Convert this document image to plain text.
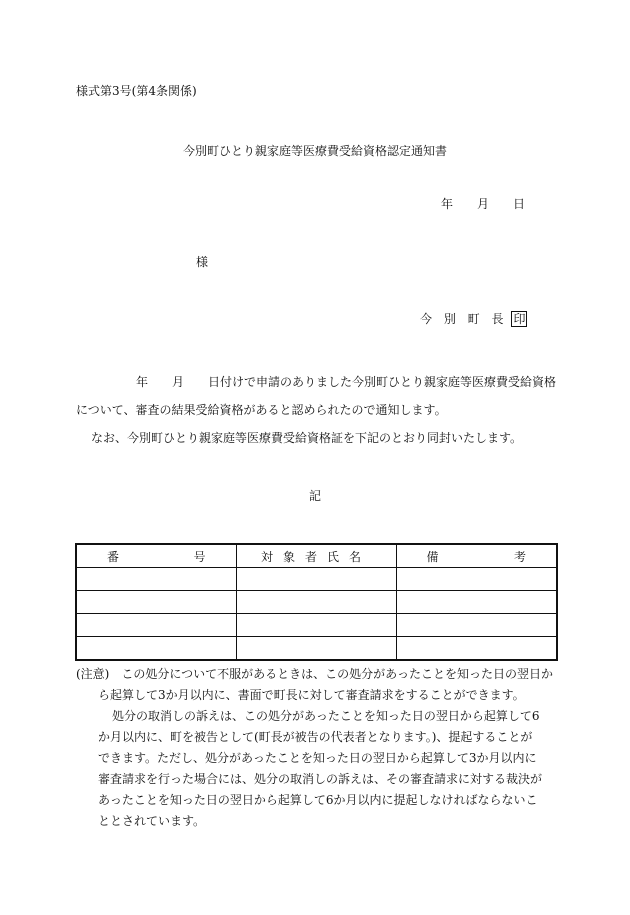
様式第3号(第4条関係)
今別町ひとり親家庭等医療費受給資格認定通知書
年 月 日
様
今 別 町 長 印
年 月 日付けで申請のありました今別町ひとり親家庭等医療費受給資格
について、審査の結果受給資格があると認められたので通知します。
なお、今別町ひとり親家庭等医療費受給資格証を下記のとおり同封いたします。
記
番 号	対象者氏名	備 考

(注意) この処分について不服があるときは、この処分があったことを知った日の翌日か
ら起算して3か月以内に、書面で町長に対して審査請求をすることができます。
処分の取消しの訴えは、この処分があったことを知った日の翌日から起算して6
か月以内に、町を被告として(町長が被告の代表者となります。)、提起することが
できます。ただし、処分があったことを知った日の翌日から起算して3か月以内に
審査請求を行った場合には、処分の取消しの訴えは、その審査請求に対する裁決が
あったことを知った日の翌日から起算して6か月以内に提起しなければならないこ
ととされています。
